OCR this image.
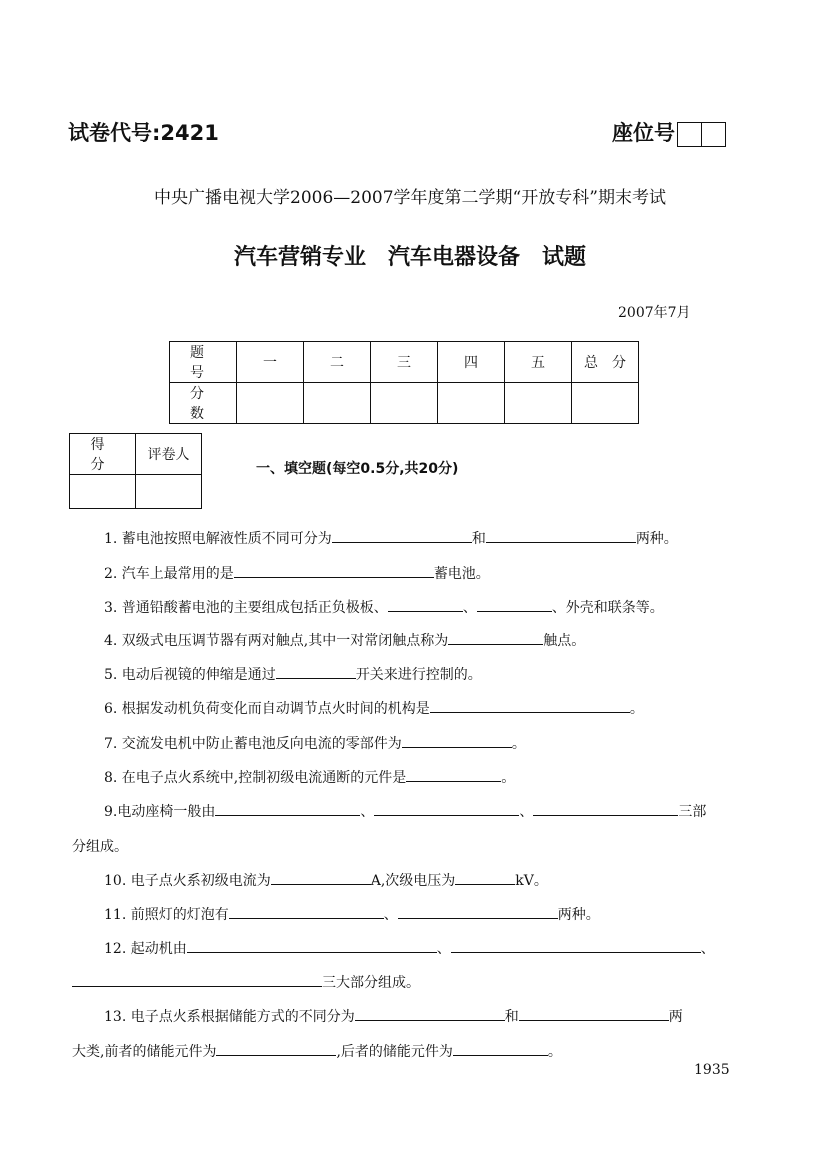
试卷代号:2421	座位号
中央广播电视大学2006—2007学年度第二学期“开放专科”期末考试
汽车营销专业　汽车电器设备　试题
2007年7月
题　号	一	二	三	四	五	总　分
分　数						
得　分	评卷人

一、填空题(每空0.5分,共20分)
1. 蓄电池按照电解液性质不同可分为	和	两种。
2. 汽车上最常用的是	蓄电池。
3. 普通铅酸蓄电池的主要组成包括正负极板、	、	、外壳和联条等。
4. 双级式电压调节器有两对触点,其中一对常闭触点称为	触点。
5. 电动后视镜的伸缩是通过	开关来进行控制的。
6. 根据发动机负荷变化而自动调节点火时间的机构是	。
7. 交流发电机中防止蓄电池反向电流的零部件为	。
8. 在电子点火系统中,控制初级电流通断的元件是	。
9.电动座椅一般由	、	、	三部
分组成。
10. 电子点火系初级电流为	A,次级电压为	kV。
11. 前照灯的灯泡有	、	两种。
12. 起动机由	、	、
三大部分组成。
13. 电子点火系根据储能方式的不同分为	和	两
大类,前者的储能元件为	,后者的储能元件为	。
1935
